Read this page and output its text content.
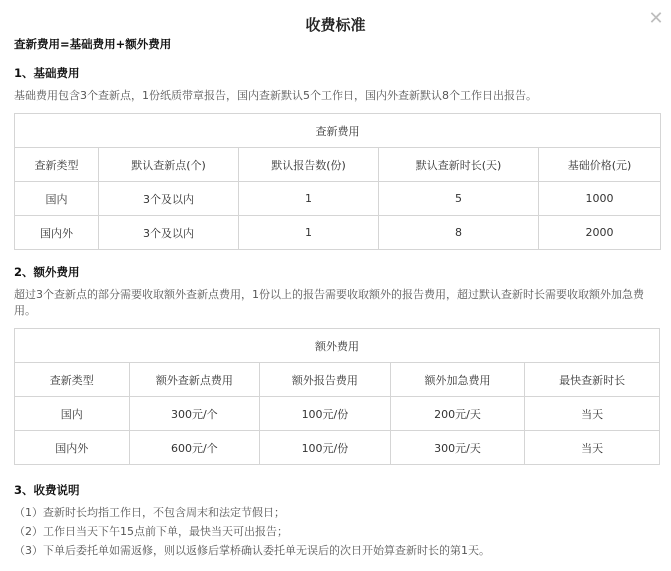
收费标准	✕
查新费用=基础费用+额外费用
1、基础费用
基础费用包含3个查新点，1份纸质带章报告，国内查新默认5个工作日，国内外查新默认8个工作日出报告。
查新费用				
查新类型	默认查新点(个)	默认报告数(份)	默认查新时长(天)	基础价格(元)
国内	3个及以内	1	5	1000
国内外	3个及以内	1	8	2000
2、额外费用
超过3个查新点的部分需要收取额外查新点费用，1份以上的报告需要收取额外的报告费用，超过默认查新时长需要收取额外加急费用。
额外费用				
查新类型	额外查新点费用	额外报告费用	额外加急费用	最快查新时长
国内	300元/个	100元/份	200元/天	当天
国内外	600元/个	100元/份	300元/天	当天
3、收费说明
（1）查新时长均指工作日，不包含周末和法定节假日；
（2）工作日当天下午15点前下单，最快当天可出报告；
（3）下单后委托单如需返修，则以返修后掌桥确认委托单无误后的次日开始算查新时长的第1天。
